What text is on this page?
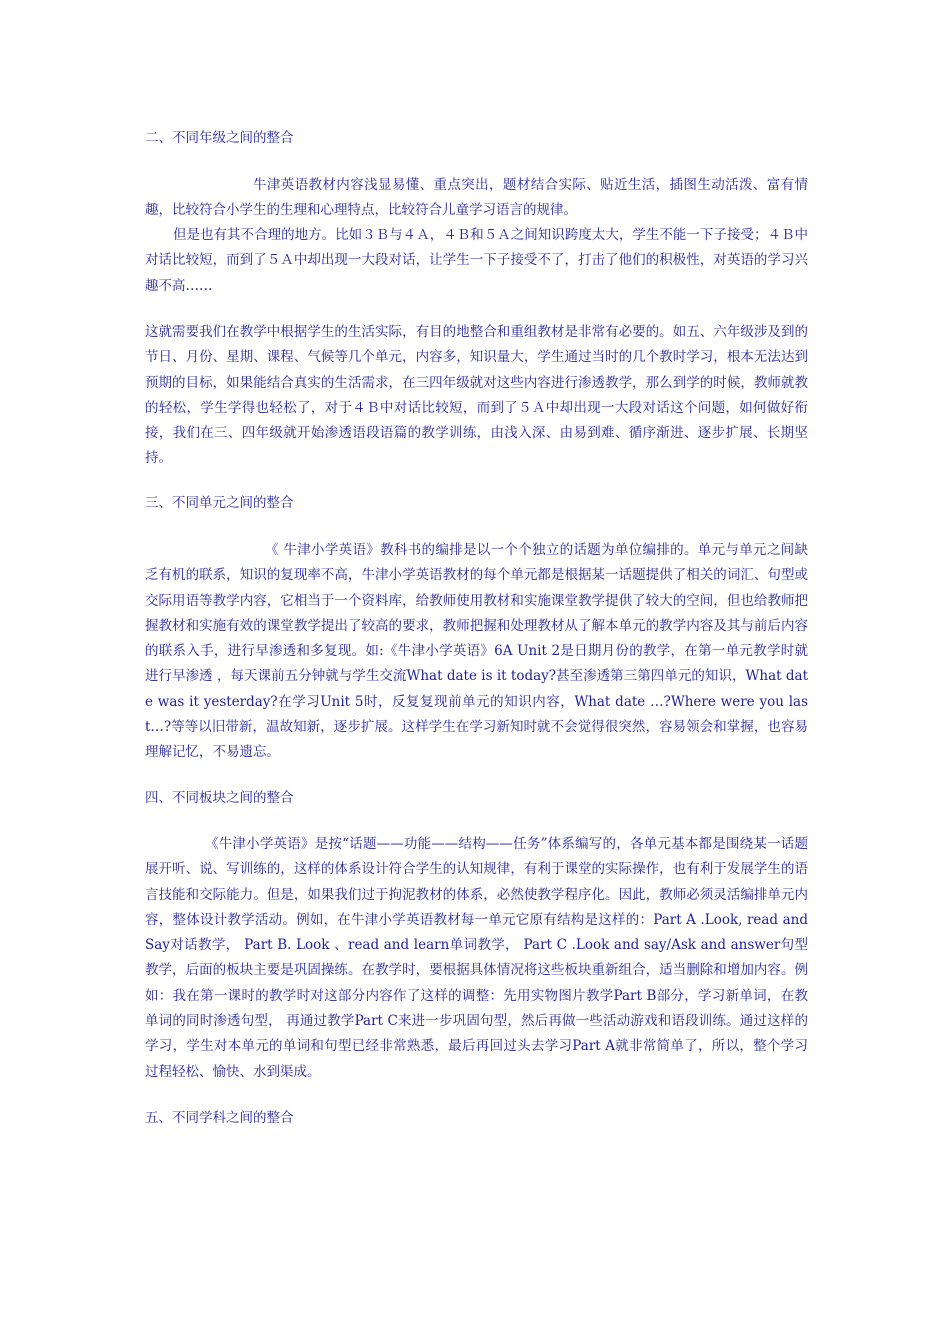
二、不同年级之间的整合

牛津英语教材内容浅显易懂、重点突出，题材结合实际、贴近生活，插图生动活泼、富有情趣，比较符合小学生的生理和心理特点，比较符合儿童学习语言的规律。

但是也有其不合理的地方。比如３Ｂ与４Ａ，４Ｂ和５Ａ之间知识跨度太大，学生不能一下子接受；４Ｂ中对话比较短，而到了５Ａ中却出现一大段对话，让学生一下子接受不了，打击了他们的积极性，对英语的学习兴趣不高……

这就需要我们在教学中根据学生的生活实际，有目的地整合和重组教材是非常有必要的。如五、六年级涉及到的节日、月份、星期、课程、气候等几个单元，内容多，知识量大，学生通过当时的几个教时学习，根本无法达到预期的目标，如果能结合真实的生活需求，在三四年级就对这些内容进行渗透教学，那么到学的时候，教师就教的轻松，学生学得也轻松了，对于４Ｂ中对话比较短，而到了５Ａ中却出现一大段对话这个问题，如何做好衔接，我们在三、四年级就开始渗透语段语篇的教学训练，由浅入深、由易到难、循序渐进、逐步扩展、长期坚持。

三、不同单元之间的整合

《 牛津小学英语》教科书的编排是以一个个独立的话题为单位编排的。单元与单元之间缺乏有机的联系，知识的复现率不高，牛津小学英语教材的每个单元都是根据某一话题提供了相关的词汇、句型或交际用语等教学内容，它相当于一个资料库，给教师使用教材和实施课堂教学提供了较大的空间，但也给教师把握教材和实施有效的课堂教学提出了较高的要求，教师把握和处理教材从了解本单元的教学内容及其与前后内容的联系入手，进行早渗透和多复现。如:《牛津小学英语》6A Unit 2是日期月份的教学，在第一单元教学时就进行早渗透 ，每天课前五分钟就与学生交流What date is it today?甚至渗透第三第四单元的知识，What date was it yesterday?在学习Unit 5时，反复复现前单元的知识内容，What date …?Where were you last…?等等以旧带新，温故知新，逐步扩展。这样学生在学习新知时就不会觉得很突然，容易领会和掌握，也容易理解记忆，不易遗忘。

四、不同板块之间的整合

《牛津小学英语》是按“话题——功能——结构——任务”体系编写的，各单元基本都是围绕某一话题展开听、说、写训练的，这样的体系设计符合学生的认知规律，有利于课堂的实际操作，也有利于发展学生的语言技能和交际能力。但是，如果我们过于拘泥教材的体系，必然使教学程序化。因此，教师必须灵活编排单元内容，整体设计教学活动。例如，在牛津小学英语教材每一单元它原有结构是这样的：Part A .Look, read and Say对话教学， Part B. Look 、read and learn单词教学， Part C .Look and say/Ask and answer句型教学，后面的板块主要是巩固操练。在教学时，要根据具体情况将这些板块重新组合，适当删除和增加内容。例如：我在第一课时的教学时对这部分内容作了这样的调整：先用实物图片教学Part B部分，学习新单词，在教单词的同时渗透句型， 再通过教学Part C来进一步巩固句型，然后再做一些活动游戏和语段训练。通过这样的学习，学生对本单元的单词和句型已经非常熟悉，最后再回过头去学习Part A就非常简单了，所以，整个学习过程轻松、愉快、水到渠成。

五、不同学科之间的整合
